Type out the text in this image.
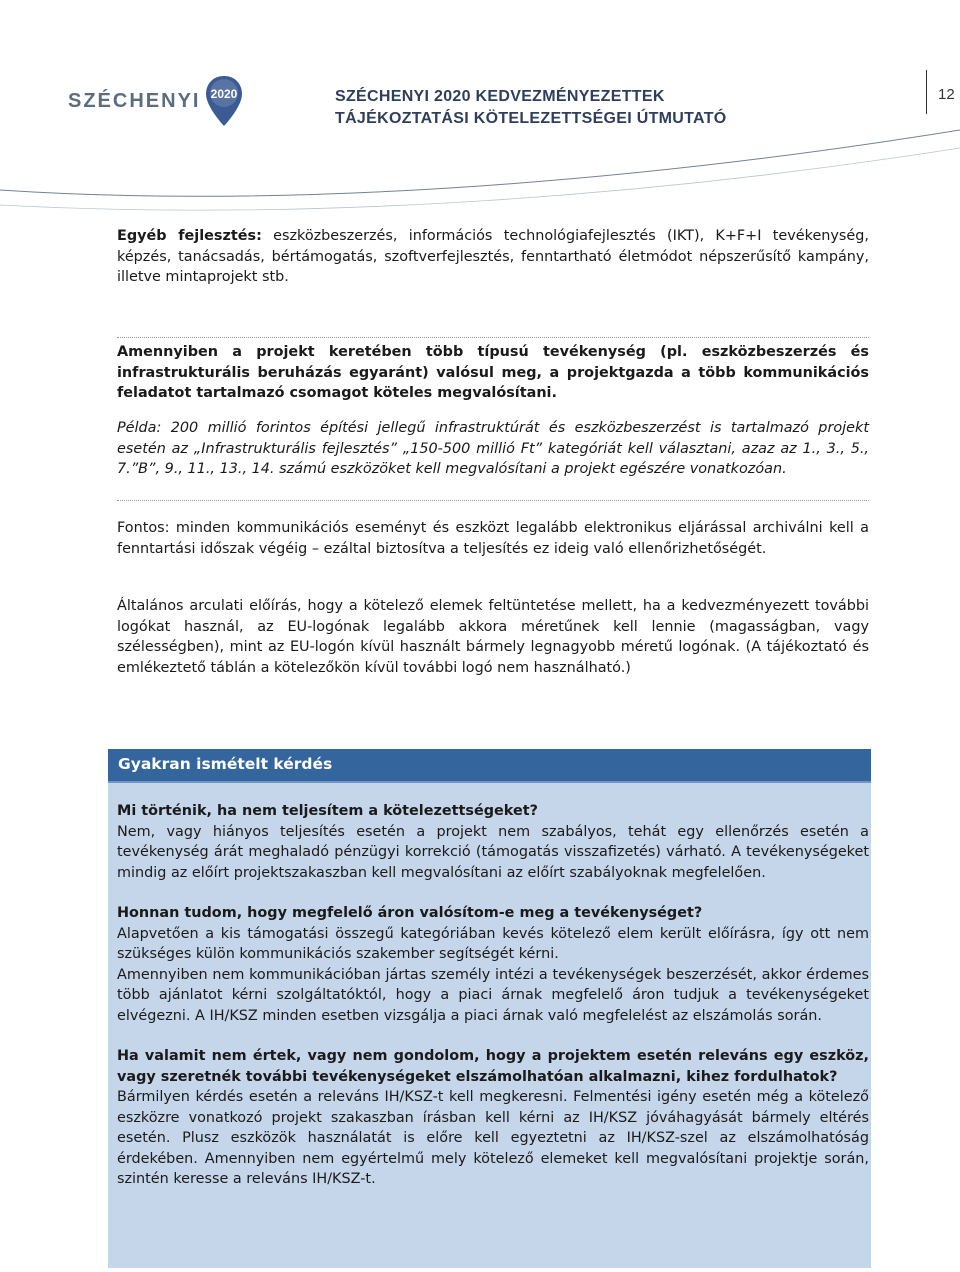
SZÉCHENYI 2020	SZÉCHENYI 2020 KEDVEZMÉNYEZETTEK
TÁJÉKOZTATÁSI KÖTELEZETTSÉGEI ÚTMUTATÓ
12

Egyéb fejlesztés: eszközbeszerzés, információs technológiafejlesztés (IKT), K+F+I tevékenység, képzés, tanácsadás, bértámogatás, szoftverfejlesztés, fenntartható életmódot népszerűsítő kampány, illetve mintaprojekt stb.

Amennyiben a projekt keretében több típusú tevékenység (pl. eszközbeszerzés és infrastrukturális beruházás egyaránt) valósul meg, a projektgazda a több kommunikációs feladatot tartalmazó csomagot köteles megvalósítani.

Példa: 200 millió forintos építési jellegű infrastruktúrát és eszközbeszerzést is tartalmazó projekt esetén az „Infrastrukturális fejlesztés” „150-500 millió Ft” kategóriát kell választani, azaz az 1., 3., 5., 7.”B”, 9., 11., 13., 14. számú eszközöket kell megvalósítani a projekt egészére vonatkozóan.

Fontos: minden kommunikációs eseményt és eszközt legalább elektronikus eljárással archiválni kell a fenntartási időszak végéig – ezáltal biztosítva a teljesítés ez ideig való ellenőrizhetőségét.

Általános arculati előírás, hogy a kötelező elemek feltüntetése mellett, ha a kedvezményezett további logókat használ, az EU-logónak legalább akkora méretűnek kell lennie (magasságban, vagy szélességben), mint az EU-logón kívül használt bármely legnagyobb méretű logónak. (A tájékoztató és emlékeztető táblán a kötelezőkön kívül további logó nem használható.)

Gyakran ismételt kérdés

Mi történik, ha nem teljesítem a kötelezettségeket?

Nem, vagy hiányos teljesítés esetén a projekt nem szabályos, tehát egy ellenőrzés esetén a tevékenység árát meghaladó pénzügyi korrekció (támogatás visszafizetés) várható. A tevékenységeket mindig az előírt projektszakaszban kell megvalósítani az előírt szabályoknak megfelelően.

Honnan tudom, hogy megfelelő áron valósítom-e meg a tevékenységet?

Alapvetően a kis támogatási összegű kategóriában kevés kötelező elem került előírásra, így ott nem szükséges külön kommunikációs szakember segítségét kérni.

Amennyiben nem kommunikációban jártas személy intézi a tevékenységek beszerzését, akkor érdemes több ajánlatot kérni szolgáltatóktól, hogy a piaci árnak megfelelő áron tudjuk a tevékenységeket elvégezni. A IH/KSZ minden esetben vizsgálja a piaci árnak való megfelelést az elszámolás során.

Ha valamit nem értek, vagy nem gondolom, hogy a projektem esetén releváns egy eszköz, vagy szeretnék további tevékenységeket elszámolhatóan alkalmazni, kihez fordulhatok?

Bármilyen kérdés esetén a releváns IH/KSZ-t kell megkeresni. Felmentési igény esetén még a kötelező eszközre vonatkozó projekt szakaszban írásban kell kérni az IH/KSZ jóváhagyását bármely eltérés esetén. Plusz eszközök használatát is előre kell egyeztetni az IH/KSZ-szel az elszámolhatóság érdekében. Amennyiben nem egyértelmű mely kötelező elemeket kell megvalósítani projektje során, szintén keresse a releváns IH/KSZ-t.
